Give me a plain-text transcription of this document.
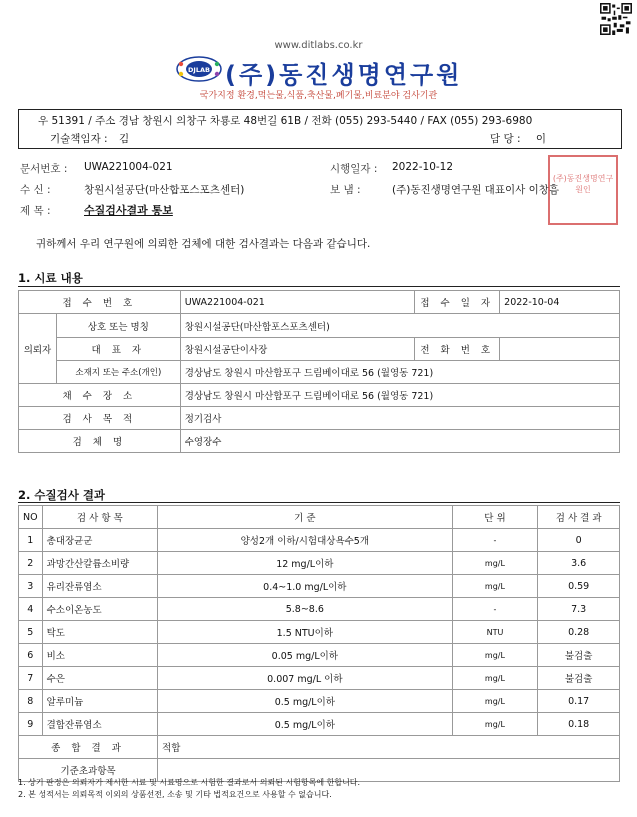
www.ditlabs.co.kr
DJLAB (주)동진생명연구원
국가지정 환경,먹는물,식품,축산물,폐기물,비료분야 검사기관
우 51391 / 주소 경남 창원시 의창구 차룡로 48번길 61B / 전화 (055) 293-5440 / FAX (055) 293-6980
기술책임자 : 김	담 당 : 이
문서번호 : UWA221004-021	시행일자 : 2022-10-12
수 신 :	창원시설공단(마산합포스포츠센터)	보 냄 :	(주)동진생명연구원 대표이사 이창흠
제 목 :	수질검사결과 통보
(주)동진생명연구원인
귀하께서 우리 연구원에 의뢰한 검체에 대한 검사결과는 다음과 같습니다.
1. 시료 내용
접 수 번 호		UWA221004-021	접 수 일 자	2022-10-04
의뢰자	상호 또는 명칭	창원시설공단(마산합포스포츠센터)		
	대 표 자	창원시설공단이사장	전 화 번 호	
	소재지 또는 주소(개인)	경상남도 창원시 마산합포구 드림베이대로 56 (월영동 721)		
채 수 장 소		경상남도 창원시 마산합포구 드림베이대로 56 (월영동 721)		
검 사 목 적		정기검사		
검 체 명		수영장수		
2. 수질검사 결과
NO	검 사 항 목	기 준	단 위	검 사 결 과
1	총대장균군	양성2개 이하/시험대상욕수5개	-	0
2	과망간산칼륨소비량	12 mg/L이하	mg/L	3.6
3	유리잔류염소	0.4~1.0 mg/L이하	mg/L	0.59
4	수소이온농도	5.8~8.6	-	7.3
5	탁도	1.5 NTU이하	NTU	0.28
6	비소	0.05 mg/L이하	mg/L	불검출
7	수은	0.007 mg/L 이하	mg/L	불검출
8	알루미늄	0.5 mg/L이하	mg/L	0.17
9	결합잔류염소	0.5 mg/L이하	mg/L	0.18
종 합 결 과		적합		
기준초과항목				
1. 상기 판정은 의뢰자가 제시한 시료 및 시료명으로 시험한 결과로서 의뢰된 시험항목에 한합니다.
2. 본 성적서는 의뢰목적 이외의 상품선전, 소송 및 기타 법적요건으로 사용할 수 없습니다.
